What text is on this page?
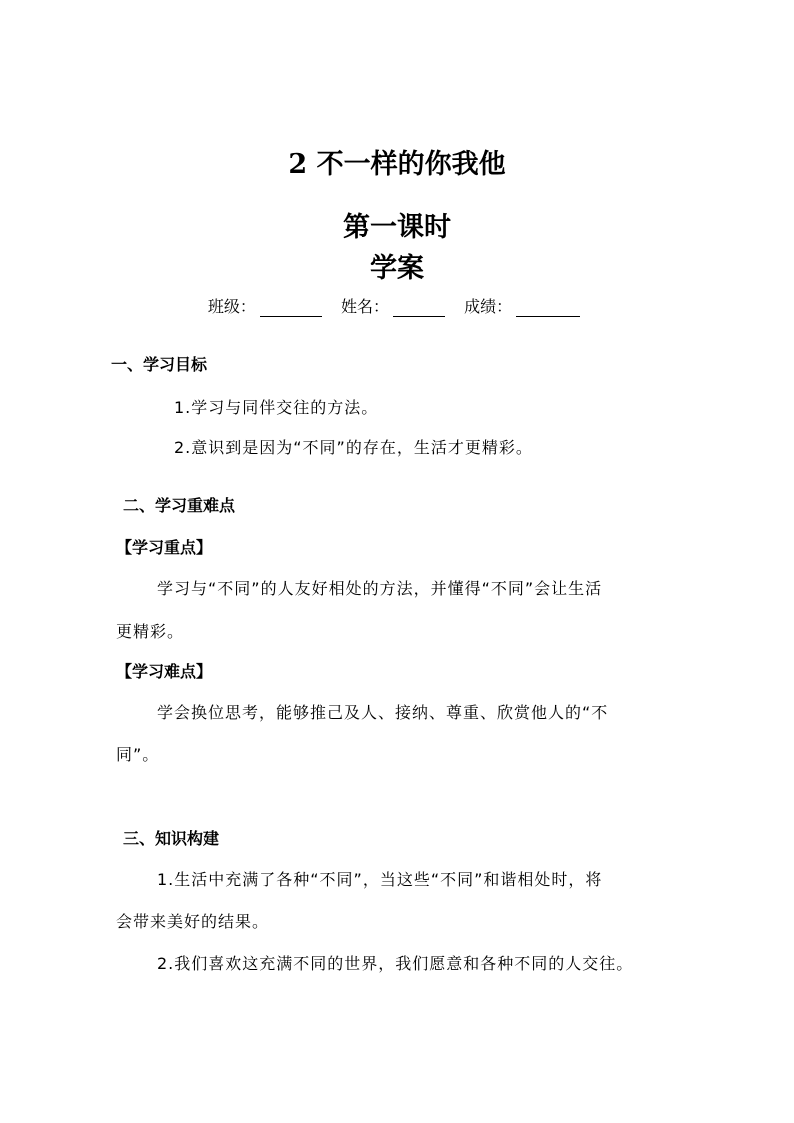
2 不一样的你我他
第一课时
学案
班级：	姓名：	成绩：
一、学习目标
1.学习与同伴交往的方法。
2.意识到是因为“不同”的存在，生活才更精彩。
二、学习重难点
【学习重点】
学习与“不同”的人友好相处的方法，并懂得“不同”会让生活
更精彩。
【学习难点】
学会换位思考，能够推己及人、接纳、尊重、欣赏他人的“不
同”。
三、知识构建
1.生活中充满了各种“不同”，当这些“不同”和谐相处时，将
会带来美好的结果。
2.我们喜欢这充满不同的世界，我们愿意和各种不同的人交往。
